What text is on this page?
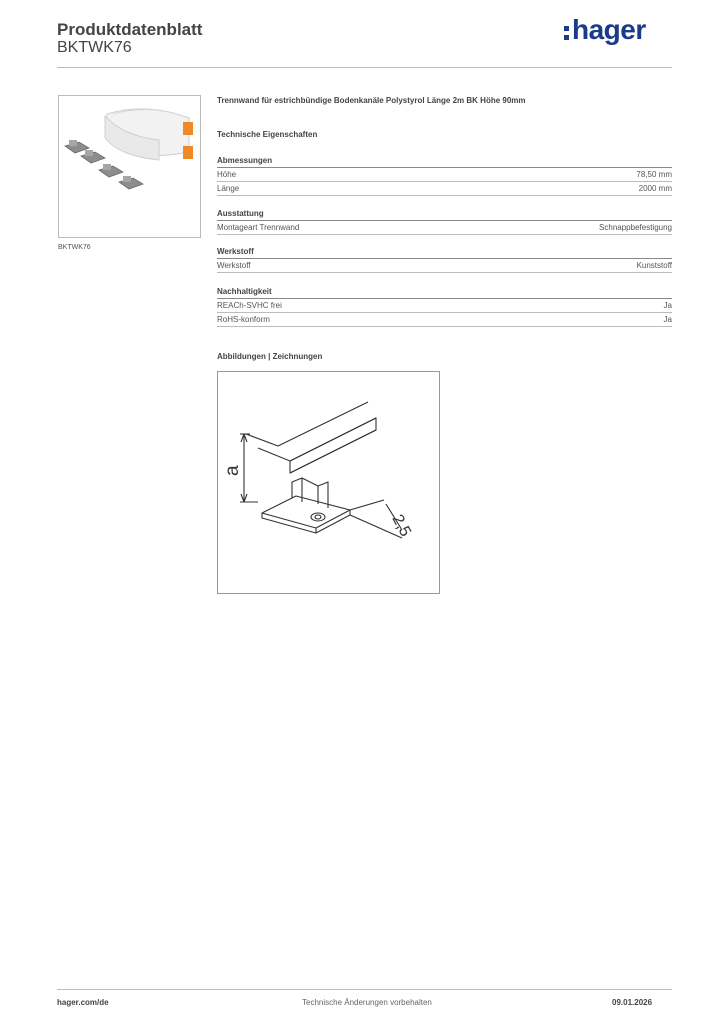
Produktdatenblatt
BKTWK76
hager
BKTWK76
Trennwand für estrichbündige Bodenkanäle Polystyrol Länge 2m BK Höhe 90mm
Technische Eigenschaften
Abmessungen
Höhe	78,50 mm
Länge	2000 mm
Ausstattung
Montageart Trennwand	Schnappbefestigung
Werkstoff
Werkstoff	Kunststoff
Nachhaltigkeit
REACh-SVHC frei	Ja
RoHS-konform	Ja
Abbildungen | Zeichnungen
a
2,5
hager.com/de	Technische Änderungen vorbehalten	09.01.2026
